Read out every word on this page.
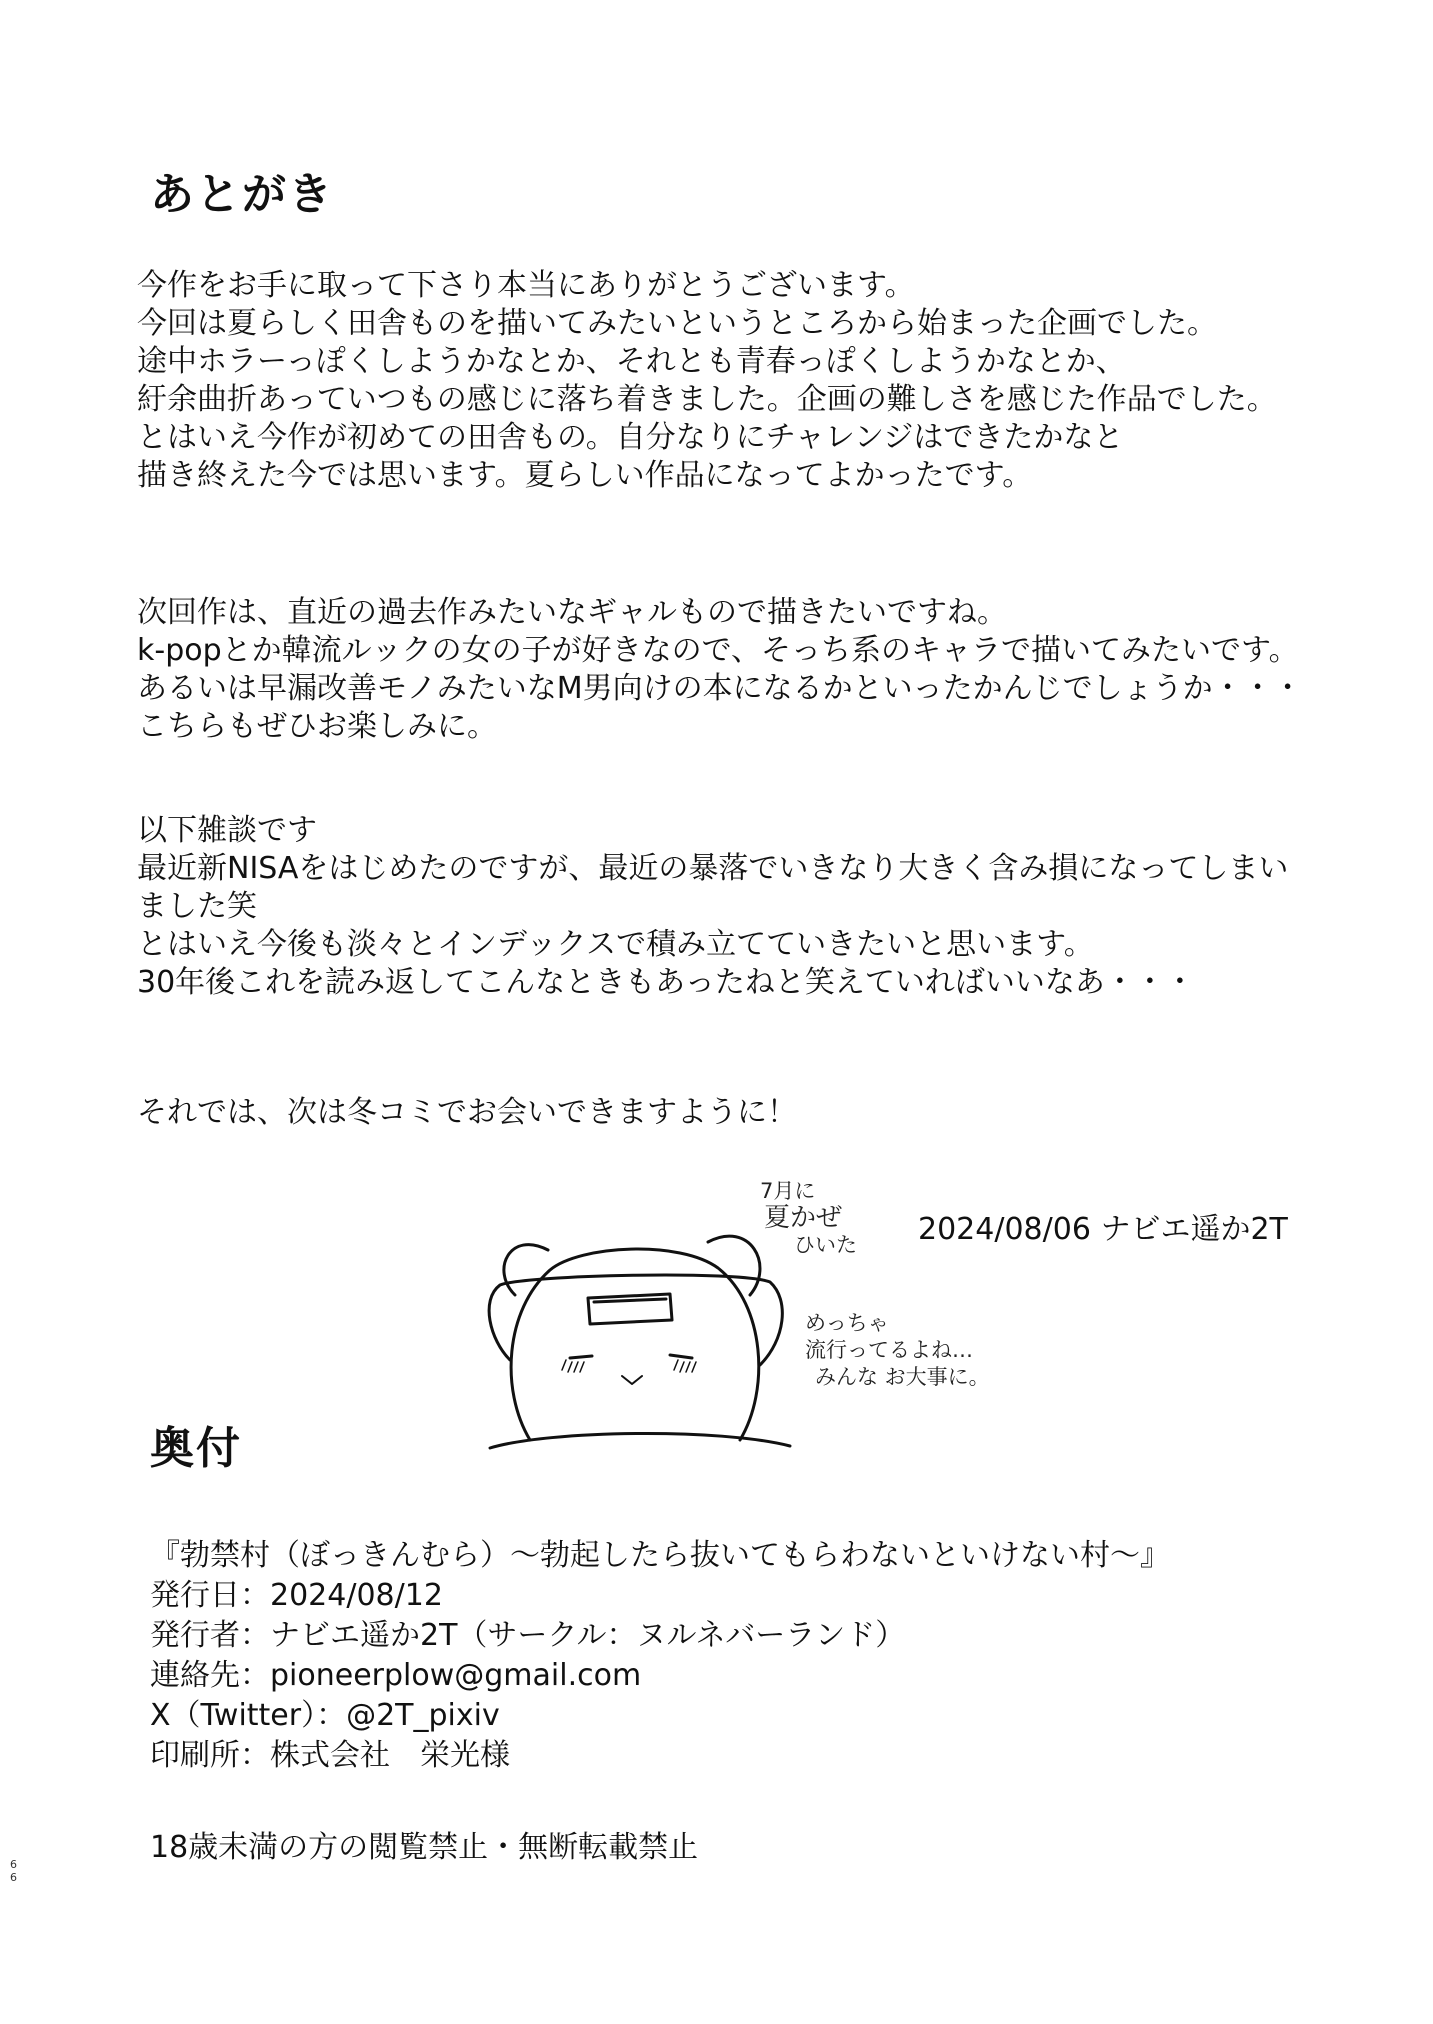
あとがき
今作をお手に取って下さり本当にありがとうございます。
今回は夏らしく田舎ものを描いてみたいというところから始まった企画でした。
途中ホラーっぽくしようかなとか、それとも青春っぽくしようかなとか、
紆余曲折あっていつもの感じに落ち着きました。企画の難しさを感じた作品でした。
とはいえ今作が初めての田舎もの。自分なりにチャレンジはできたかなと
描き終えた今では思います。夏らしい作品になってよかったです。
次回作は、直近の過去作みたいなギャルもので描きたいですね。
k-popとか韓流ルックの女の子が好きなので、そっち系のキャラで描いてみたいです。
あるいは早漏改善モノみたいなM男向けの本になるかといったかんじでしょうか・・・
こちらもぜひお楽しみに。
以下雑談です
最近新NISAをはじめたのですが、最近の暴落でいきなり大きく含み損になってしまい
ました笑
とはいえ今後も淡々とインデックスで積み立てていきたいと思います。
30年後これを読み返してこんなときもあったねと笑えていればいいなあ・・・
それでは、次は冬コミでお会いできますように！
2024/08/06 ナビエ遥か2T
7月に
夏かぜ
ひいた
めっちゃ
流行ってるよね…
みんな お大事に。
奥付
『勃禁村（ぼっきんむら）～勃起したら抜いてもらわないといけない村～』
発行日：2024/08/12
発行者：ナビエ遥か2T（サークル：ヌルネバーランド）
連絡先：pioneerplow@gmail.com
X（Twitter）：@2T_pixiv
印刷所：株式会社　栄光様
18歳未満の方の閲覧禁止・無断転載禁止
6
6
